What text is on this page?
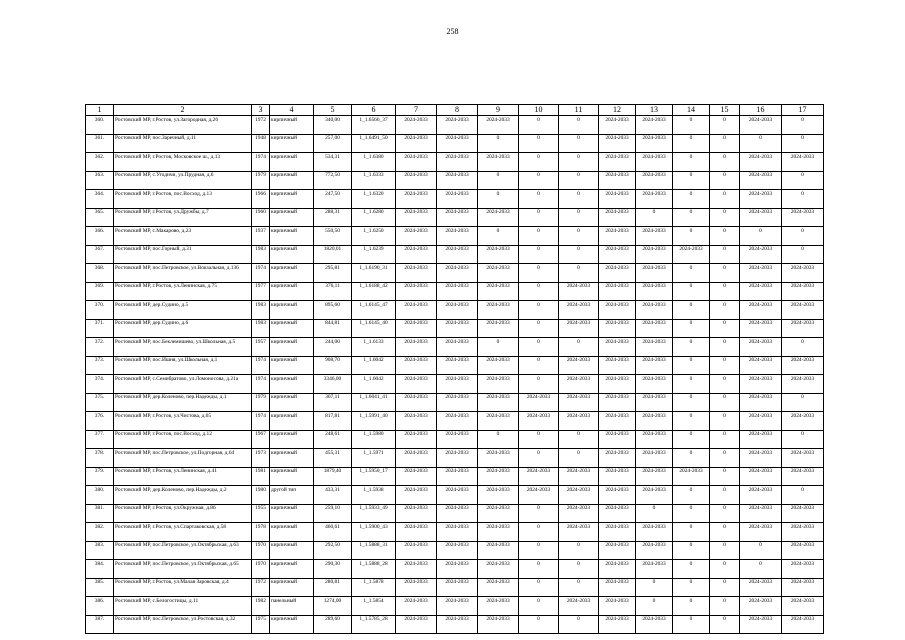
258
1	2	3	4	5	6	7	8	9	10	11	12	13	14	15	16	17
360.	Ростовский МР, г.Ростов, ул.Загородная, д.26	1972	кирпичный	340,00	1_1.6566_37	2024-2033	2024-2033	2024-2033	0	0	2024-2033	2024-2033	0	0	2024-2033	0
361.	Ростовский МР, пос.Заречный, д.11	1948	кирпичный	257,00	1_1.6491_50	2024-2033	2024-2033	0	0	0	2024-2033	2024-2033	0	0	0	0
362.	Ростовский МР, г.Ростов, Московское ш., д.13	1974	кирпичный	534,31	1_1.6380	2024-2033	2024-2033	2024-2033	0	0	2024-2033	2024-2033	0	0	2024-2033	2024-2033
363.	Ростовский МР, с.Угодичи, ул.Прудная, д.6	1979	кирпичный	772,50	1_1.6333	2024-2033	2024-2033	0	0	0	2024-2033	2024-2033	0	0	2024-2033	0
364.	Ростовский МР, г.Ростов, пос.Восход, д.13	1966	кирпичный	247,50	1_1.6320	2024-2033	2024-2033	0	0	0	2024-2033	2024-2033	0	0	2024-2033	0
365.	Ростовский МР, г.Ростов, ул.Дружбы, д.7	1960	кирпичный	288,31	1_1.6280	2024-2033	2024-2033	2024-2033	0	0	2024-2033	0	0	0	2024-2033	2024-2033
366.	Ростовский МР, с.Макарово, д.23	1937	кирпичный	550,50	1_1.6250	2024-2033	2024-2033	0	0	0	2024-2033	2024-2033	0	0	0	0
367.	Ростовский МР, пос.Горный, д.31	1983	кирпичный	1820,01	1_1.6239	2024-2033	2024-2033	2024-2033	0	0	2024-2033	2024-2033	2024-2033	0	2024-2033	0
368.	Ростовский МР, пос.Петровское, ул.Вокзальная, д.136	1974	кирпичный	295,81	1_1.6190_31	2024-2033	2024-2033	2024-2033	0	0	2024-2033	2024-2033	0	0	2024-2033	2024-2033
369.	Ростовский МР, г.Ростов, ул.Ленинская, д.75	1977	кирпичный	376,11	1_1.6188_42	2024-2033	2024-2033	2024-2033	0	2024-2033	2024-2033	2024-2033	0	0	2024-2033	2024-2033
370.	Ростовский МР, дер.Судино, д.5	1983	кирпичный	895,60	1_1.6145_47	2024-2033	2024-2033	2024-2033	0	2024-2033	2024-2033	2024-2033	0	0	2024-2033	2024-2033
371.	Ростовский МР, дер.Судино, д.6	1983	кирпичный	844,81	1_1.6145_40	2024-2033	2024-2033	2024-2033	0	2024-2033	2024-2033	2024-2033	0	0	2024-2033	2024-2033
372.	Ростовский МР, пос.Беклемишево, ул.Школьная, д.5	1957	кирпичный	244,00	1_1.6133	2024-2033	2024-2033	0	0	0	2024-2033	2024-2033	0	0	2024-2033	0
373.	Ростовский МР, пос.Ишня, ул.Школьная, д.1	1974	кирпичный	908,70	1_1.6042	2024-2033	2024-2033	2024-2033	0	2024-2033	2024-2033	2024-2033	0	0	2024-2033	2024-2033
374.	Ростовский МР, с.Семибратово, ул.Ломоносова, д.21а	1974	кирпичный	3346,00	1_1.6042	2024-2033	2024-2033	2024-2033	0	2024-2033	2024-2033	2024-2033	0	0	2024-2033	2024-2033
375.	Ростовский МР, дер.Коленово, пер.Надежды, д.1	1979	кирпичный	307,11	1_1.6041_41	2024-2033	2024-2033	2024-2033	2024-2033	2024-2033	2024-2033	2024-2033	0	0	2024-2033	0
376.	Ростовский МР, г.Ростов, ул.Чистова, д.65	1974	кирпичный	817,81	1_1.5991_40	2024-2033	2024-2033	2024-2033	2024-2033	2024-2033	2024-2033	2024-2033	0	0	2024-2033	2024-2033
377.	Ростовский МР, г.Ростов, пос.Восход, д.12	1967	кирпичный	248,61	1_1.5980	2024-2033	2024-2033	0	0	0	2024-2033	2024-2033	0	0	2024-2033	0
378.	Ростовский МР, пос.Петровское, ул.Подгорная, д.64	1973	кирпичный	455,31	1_1.5971	2024-2033	2024-2033	2024-2033	0	0	2024-2033	2024-2033	0	0	2024-2033	2024-2033
379.	Ростовский МР, г.Ростов, ул.Ленинская, д.41	1981	кирпичный	1879,40	1_1.5950_17	2024-2033	2024-2033	2024-2033	2024-2033	2024-2033	2024-2033	2024-2033	2024-2033	0	2024-2033	2024-2033
380.	Ростовский МР, дер.Коленово, пер.Надежды, д.2	1980	другой тип	433,31	1_1.5938	2024-2033	2024-2033	2024-2033	2024-2033	2024-2033	2024-2033	2024-2033	0	0	2024-2033	0
381.	Ростовский МР, г.Ростов, ул.Окружная, д.86	1955	кирпичный	259,10	1_1.5933_49	2024-2033	2024-2033	2024-2033	0	2024-2033	2024-2033	0	0	0	2024-2033	2024-2033
382.	Ростовский МР, г.Ростов, ул.Спартаковская, д.58	1978	кирпичный	460,61	1_1.5900_43	2024-2033	2024-2033	2024-2033	0	2024-2033	2024-2033	2024-2033	0	0	2024-2033	2024-2033
383.	Ростовский МР, пос.Петровское, ул.Октябрьская, д.63	1970	кирпичный	292,50	1_1.5888_31	2024-2033	2024-2033	2024-2033	0	0	2024-2033	2024-2033	0	0	0	2024-2033
384.	Ростовский МР, пос.Петровское, ул.Октябрьская, д.65	1970	кирпичный	290,30	1_1.5888_28	2024-2033	2024-2033	2024-2033	0	0	2024-2033	2024-2033	0	0	0	2024-2033
385.	Ростовский МР, г.Ростов, ул.Малая Заровская, д.4	1972	кирпичный	280,81	1_1.5878	2024-2033	2024-2033	2024-2033	0	0	2024-2033	0	0	0	2024-2033	2024-2033
386.	Ростовский МР, с.Белогостицы, д.11	1982	панельный	1274,00	1_1.5854	2024-2033	2024-2033	2024-2033	0	2024-2033	2024-2033	0	0	0	2024-2033	2024-2033
387.	Ростовский МР, пос.Петровское, ул.Ростовская, д.32	1975	кирпичный	289,60	1_1.5785_28	2024-2033	2024-2033	2024-2033	0	0	2024-2033	2024-2033	0	0	2024-2033	2024-2033
